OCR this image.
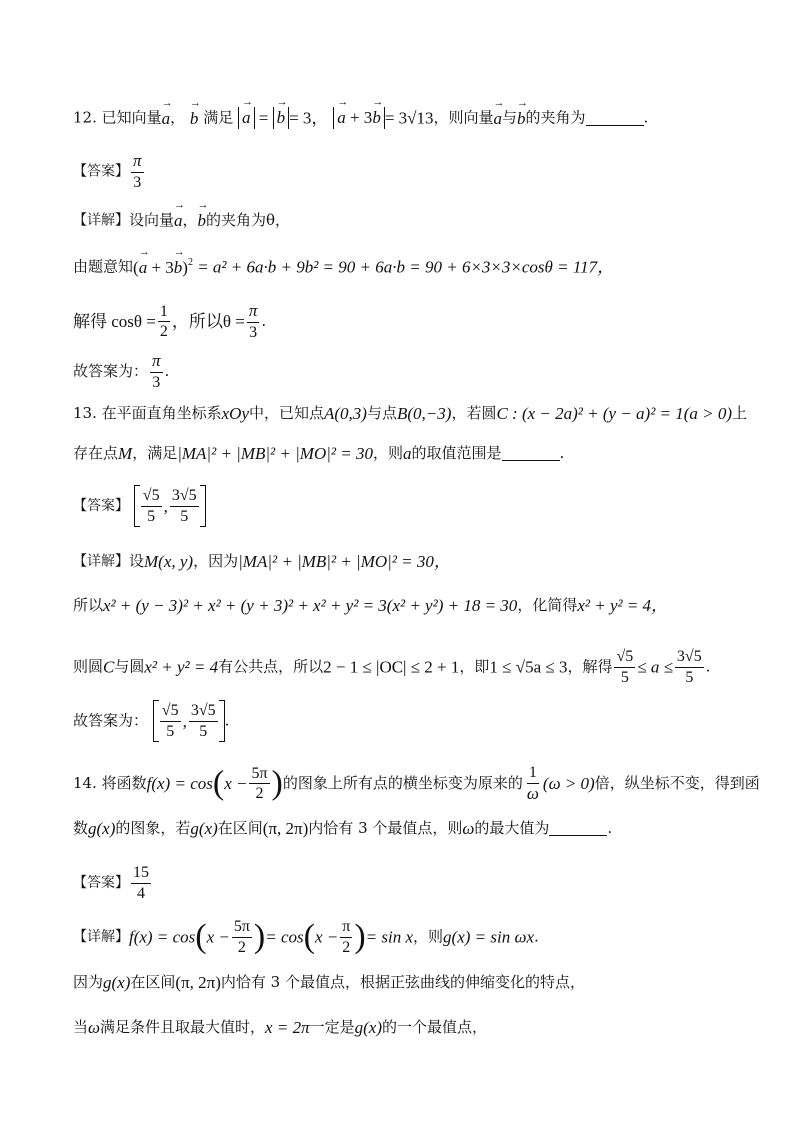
12. 已知向量→ a， → b 满足 → a = → b = 3， → a + 3→ b = 3√13，则向量→ a与→ b的夹角为	.
【答案】 $\frac{\pi}{3}$
【详解】设向量→ a，→ b的夹角为θ，
由题意知(→ a + 3→ b)$^2$ = a² + 6a·b + 9b² = 90 + 6a·b = 90 + 6×3×3×cosθ = 117，
解得 $\cos\theta = \frac{1}{2}$ ，所以$\theta = \frac{\pi}{3}$ .
故答案为： $\frac{\pi}{3}$ .
13. 在平面直角坐标系xOy中，已知点A(0,3)与点B(0,−3)，若圆C : (x − 2a)² + (y − a)² = 1(a > 0)上
存在点M，满足|MA|² + |MB|² + |MO|² = 30，则a的取值范围是	.
【答案】 $\frac{√5}{5}$ , $\frac{3√5}{5}$
【详解】设M(x, y)，因为|MA|² + |MB|² + |MO|² = 30，
所以x² + (y − 3)² + x² + (y + 3)² + x² + y² = 3(x² + y²) + 18 = 30，化简得x² + y² = 4，
则圆C与圆x² + y² = 4有公共点，所以2 − 1 ≤ |OC| ≤ 2 + 1，即1 ≤ √5a ≤ 3，解得 $\frac{√5}{5} \le a \le \frac{3√5}{5}$ .
故答案为： $\frac{√5}{5}$ , $\frac{3√5}{5}$ .
14. 将函数$f(x) = \cos(x - \frac{5\pi}{2}$ )的图象上所有点的横坐标变为原来的 $\frac{1}{\omega} (\omega > 0)$倍，纵坐标不变，得到函
数g(x)的图象，若g(x)在区间(π, 2π)内恰有 3 个最值点，则ω的最大值为	.
【答案】 $\frac{15}{4}$
【详解】$f(x) = \cos(x - \frac{5\pi}{2}$ )= $\cos(x - \frac{\pi}{2}$ )= sin x，则g(x) = sin ωx.
因为g(x)在区间(π, 2π)内恰有 3 个最值点，根据正弦曲线的伸缩变化的特点，
当ω满足条件且取最大值时，x = 2π一定是g(x)的一个最值点，
